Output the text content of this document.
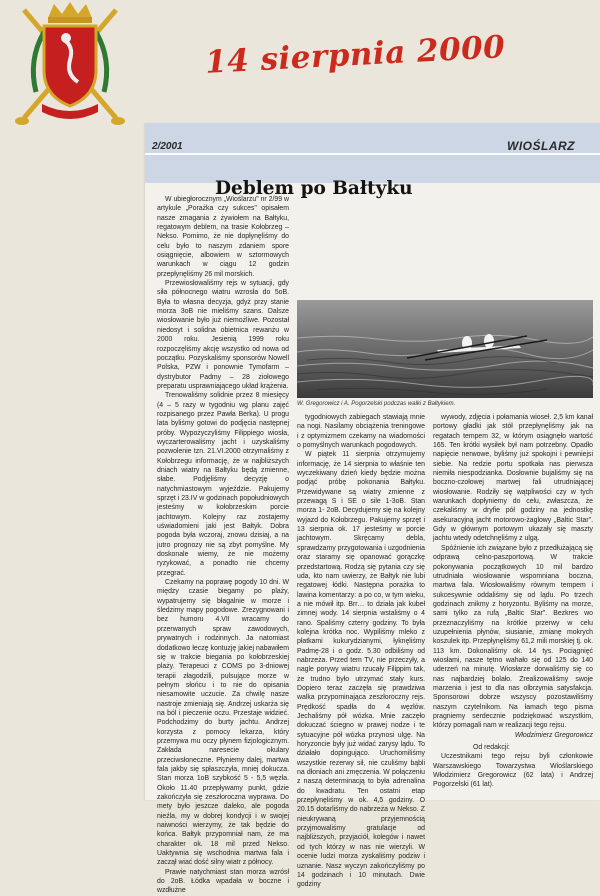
14 sierpnia 2000
2/2001	WIOŚLARZ
Deblem po Bałtyku

W ubiegłorocznym „Wioślarzu" nr 2/99 w artykule „Porażka czy sukces" opisałem nasze zmagania z żywiołem na Bałtyku, regatowym deblem, na trasie Kołobrzeg – Nekso. Pomimo, że nie dopłynęliśmy do celu było to naszym zdaniem spore osiągnięcie, albowiem w sztormowych warunkach w ciągu 12 godzin przepłynęliśmy 26 mil morskich.

Przewiosłowaliśmy rejs w sytuacji, gdy siła północnego wiatru wzrosła do 5oB. Była to własna decyzja, gdyż przy stanie morza 3oB nie mieliśmy szans. Dalsze wiosłowanie było już niemożliwe. Pozostał niedosyt i solidna obietnica rewanżu w 2000 roku. Jesienią 1999 roku rozpoczęliśmy akcję wszystko od nowa od początku. Pozyskaliśmy sponsorów Nowell Polska, PZW i ponownie Tymofarm – dystrybutor Padmy – 28 ziołowego preparatu usprawniającego układ krążenia.

Trenowaliśmy solidnie przez 8 miesięcy (4 – 5 razy w tygodniu wg planu zajęć rozpisanego przez Pawła Berka). U progu lata byliśmy gotowi do podjęcia następnej próby. Wypożyczyliśmy Filippiego wiosła, wyczarterowaliśmy jacht i uzyskaliśmy pozwolenie tzn. 21.VI.2000 otrzymaliśmy z Kołobrzegu informację, że w najbliższych dniach wiatry na Bałtyku będą zmienne, słabe. Podjęliśmy decyzję o natychmiastowym wyjeździe. Pakujemy sprzęt i 23.IV w godzinach popołudniowych jesteśmy w kołobrzeskim porcie jachtowym. Kolejny raz zostajemy uświadomieni jaki jest Bałtyk. Dobra pogoda była wczoraj, znowu dzisiaj, a na jutro prognozy nie są zbyt pomyślne. My doskonale wiemy, że nie możemy ryzykować, a ponadto nie chcemy przegrać.

Czekamy na poprawę pogody 10 dni. W między czasie biegamy po plaży, wypatrujemy się błagalnie w morze i śledzimy mapy pogodowe. Zrezygnowani i bez humoru 4.VII wracamy do przerwanych spraw zawodowych, prywatnych i rodzinnych. Ja natomiast dodatkowo łeczę kontuzję jakiej nabawiłem się w trakcie biegania po kołobrzeskiej plaży. Terapeuci z COMS po 3-dniowej terapii złagodzili, pulsujące morze w pełnym słońcu i to nie do opisania niesamowite uczucie. Za chwilę nasze nastroje zmieniają się. Andrzej uskarża się na ból i pieczenie oczu. Przestaje widzieć. Podchodzimy do burty jachtu. Andrzej korzysta z pomocy lekarza, który przemywa mu oczy płynem fizjologicznym. Zakłada naresecie okulary przeciwsłoneczne. Płyniemy dalej, martwa fala jakby się spłaszczyła, mniej dokucza. Stan morza 1oB szybkość 5 - 5,5 węzła. Około 11.40 przepływamy punkt, gdzie zakończyła się zeszłoroczna wyprawa. Do mety było jeszcze daleko, ale pogoda nieźla, my w dobrej kondycji i w swojej naiwności wierzymy, że tak będzie do końca. Bałtyk przypomniał nam, że ma charakter ok. 18 mil przed Nekso. Uaktywnia się wschodnia martwa fala i zaczął wiać dość silny wiatr z północy.

Prawie natychmiast stan morza wzrósł do 2oB. Łódka wpadała w boczne i wzdłużne

W. Gregorowicz i A. Pogorzelski podczas walki z Bałtykiem.

tygodniowych zabiegach stawiają mnie na nogi. Nasilamy obciążenia treningowe i z optymizmem czekamy na wiadomości o pomyślnych warunkach pogodowych.

W piątek 11 sierpnia otrzymujemy informację, że 14 sierpnia to właśnie ten wyczekiwany dzień kiedy będzie można podjąć próbę pokonania Bałtyku. Przewidywane są wiatry zmienne z przewagą S i SE o sile 1-3oB. Stan morza 1- 2oB. Decydujemy się na kolejny wyjazd do Kołobrzegu. Pakujemy sprzęt i 13 sierpnia ok. 17 jesteśmy w porcie jachtowym. Skręcamy debla, sprawdzamy przygotowania i uzgodnienia oraz staramy się opanować gorączkę przedstartową. Rodzą się pytania czy się uda, kto nam uwierzy, że Bałtyk nie lubi regatowej łódki. Następna porażka to lawina komentarzy: a po co, w tym wieku, a nie mówił itp. Brr… to działa jak kubeł zimnej wody. 14 sierpnia wstaliśmy o 4 rano. Spaliśmy czterry godziny. To była kolejna krótka noc. Wypiliśmy mleko z płatkami kukurydzianymi, łyknęliśmy Padmę-28 i o godz. 5.30 odbiliśmy od nabrzeża. Przed tem TV, nie przeczyły, a nagle porywy wiatru rzucały Filippim tak, że trudno było utrzymać stały kurs. Dopiero teraz zaczęła się prawdziwa walka przypominająca zeszłoroczny rejs. Prędkość spadła do 4 węzłów. Jechaliśmy pół wózka. Mnie zaczęło dokuczać ściegno w prawej nodze i te sytuacyjne pół wózka przynosi ulgę. Na horyzoncie były już widać zarysy lądu. To działało dopingująco. Uruchomiliśmy wszystkie rezerwy sił, nie czuliśmy bąbli na dłoniach ani zmęczenia. W połączeniu z naszą determinacją to była adrenalina do kwadratu. Ten ostatni etap przepłynęliśmy w ok. 4,5 godziny. O 20.15 dotarliśmy do nabrzeża w Nekso. Z nieukrywaną przyjemnością przyjmowaliśmy gratulacje od najbliższych, przyjaciół, kolegów i nawet od tych którzy w nas nie wierzyli. W ocenie ludzi morza zyskaliśmy podziw i uznanie. Nasz wyczyn zakończyliśmy po 14 godzinach i 10 minutach. Dwie godziny

wywody, zdjęcia i połamania wioseł. 2,5 km kanał portowy gładki jak stół przepłynęliśmy jak na regatach tempem 32, w którym osiągnęło wartość 165. Ten krótki wysiłek był nam potrzebny. Opadło napięcie nerwowe, byliśmy już spokojni i pewniejsi siebie. Na redzie portu spotkała nas pierwsza niemiła niespodzianka. Dosłownie bujaliśmy się na boczno-czołowej martwej fali utrudniającej wiosłowanie. Rodziły się wątpliwości czy w tych warunkach dopłyniemy do celu, zwłaszcza, że czekaliśmy w dryfie pół godziny na jednostkę asekuracyjną jacht motorowo-żaglowy „Baltic Star". Gdy w głównym portowym ukazały się maszty jachtu wtedy odetchnęliśmy z ulgą.

Spóźnienie ich związane było z przedłużającą się odprawą celno-paszportową. W trakcie pokonywania początkowych 10 mil bardzo utrudniała wiosłowanie wspomniana boczna, martwa fala. Wiosłowaliśmy równym tempem i sukcesywnie oddaliśmy się od lądu. Po trzech godzinach znikmy z horyzontu. Byliśmy na morze, sami tylko za rufą „Baltic Star". Bezkres wo przeznaczyliśmy na krótkie przerwy w celu uzupełnienia płynów, siusianie, zmianę mokrych koszulek itp. Przepłynęliśmy 61,2 mili morskiej tj. ok. 113 km. Dokonaliśmy ok. 14 tys. Pociągnięć wiosłami, nasze tętno wahało się od 125 do 140 uderzeń na minutę. Wiosłarze dorwaliśmy się co nas najbardziej bolało. Zrealizowaliśmy swoje marzenia i jest to dla nas olbrzymia satysfakcja. Sponsorowi dobrze wszyscy pozostawiliśmy naszym czytelnikom. Na łamach tego pisma pragniemy serdecznie podziękować wszystkim, którzy pomagali nam w realizacji tego rejsu.

Włodzimierz Gregorowicz

Od redakcji:

Uczestnikami tego rejsu byli członkowie Warszawskiego Towarzystwa Wioślarskiego Włodzimierz Gregorowicz (62 lata) i Andrzej Pogorzelski (61 lat).
